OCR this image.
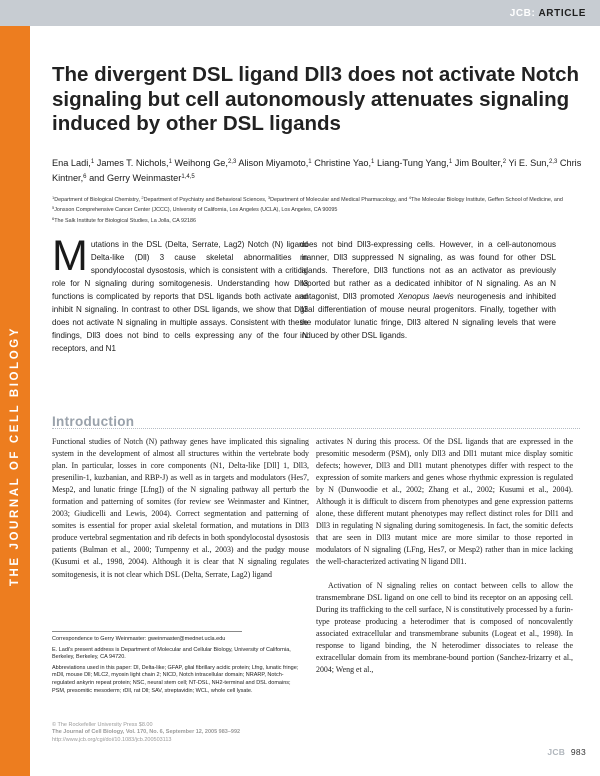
JCB: ARTICLE
THE JOURNAL OF CELL BIOLOGY
The divergent DSL ligand Dll3 does not activate Notch signaling but cell autonomously attenuates signaling induced by other DSL ligands
Ena Ladi,$^1$ James T. Nichols,$^1$ Weihong Ge,$^{2,3}$ Alison Miyamoto,$^1$ Christine Yao,$^1$ Liang-Tung Yang,$^1$ Jim Boulter,$^2$ Yi E. Sun,$^{2,3}$ Chris Kintner,$^6$ and Gerry Weinmaster$^{1,4,5}$

$^1$Department of Biological Chemistry, $^2$Department of Psychiatry and Behavioral Sciences, $^3$Department of Molecular and Medical Pharmacology, and $^4$The Molecular Biology Institute, Geffen School of Medicine, and $^5$Jonsson Comprehensive Cancer Center (JCCC), University of California, Los Angeles (UCLA), Los Angeles, CA 90095

$^6$The Salk Institute for Biological Studies, La Jolla, CA 92186

Mutations in the DSL (Delta, Serrate, Lag2) Notch (N) ligand Delta-like (Dll) 3 cause skeletal abnormalities in spondylocostal dysostosis, which is consistent with a critical role for N signaling during somitogenesis. Understanding how Dll3 functions is complicated by reports that DSL ligands both activate and inhibit N signaling. In contrast to other DSL ligands, we show that Dll3 does not activate N signaling in multiple assays. Consistent with these findings, Dll3 does not bind to cells expressing any of the four N receptors, and N1
does not bind Dll3-expressing cells. However, in a cell-autonomous manner, Dll3 suppressed N signaling, as was found for other DSL ligands. Therefore, Dll3 functions not as an activator as previously reported but rather as a dedicated inhibitor of N signaling. As an N antagonist, Dll3 promoted Xenopus laevis neurogenesis and inhibited glial differentiation of mouse neural progenitors. Finally, together with the modulator lunatic fringe, Dll3 altered N signaling levels that were induced by other DSL ligands.
Introduction

Functional studies of Notch (N) pathway genes have implicated this signaling system in the development of almost all structures within the vertebrate body plan. In particular, losses in core components (N1, Delta-like [Dll] 1, Dll3, presenilin-1, kuzbanian, and RBP-J) as well as in targets and modulators (Hes7, Mesp2, and lunatic fringe [Lfng]) of the N signaling pathway all perturb the formation and patterning of somites (for review see Weinmaster and Kintner, 2003; Giudicelli and Lewis, 2004). Correct segmentation and patterning of somites is essential for proper axial skeletal formation, and mutations in Dll3 produce vertebral segmentation and rib defects in both spondylocostal dysostosis patients (Bulman et al., 2000; Turnpenny et al., 2003) and the pudgy mouse (Kusumi et al., 1998, 2004). Although it is clear that N signaling regulates somitogenesis, it is not clear which DSL (Delta, Serrate, Lag2) ligand

activates N during this process. Of the DSL ligands that are expressed in the presomitic mesoderm (PSM), only Dll3 and Dll1 mutant mice display somitic defects; however, Dll3 and Dll1 mutant phenotypes differ with respect to the expression of somite markers and genes whose rhythmic expression is regulated by N (Dunwoodie et al., 2002; Zhang et al., 2002; Kusumi et al., 2004). Although it is difficult to discern from phenotypes and gene expression patterns alone, these different mutant phenotypes may reflect distinct roles for Dll1 and Dll3 in regulating N signaling during somitogenesis. In fact, the somitic defects that are seen in Dll3 mutant mice are more similar to those reported in modulators of N signaling (LFng, Hes7, or Mesp2) rather than in mice lacking the well-characterized activating N ligand Dll1.

Activation of N signaling relies on contact between cells to allow the transmembrane DSL ligand on one cell to bind its receptor on an apposing cell. During its trafficking to the cell surface, N is constitutively processed by a furin-type protease producing a heterodimer that is composed of noncovalently associated extracellular and transmembrane subunits (Logeat et al., 1998). In response to ligand binding, the N heterodimer dissociates to release the extracellular domain from its membrane-bound portion (Sanchez-Irizarry et al., 2004; Weng et al.,

Correspondence to Gerry Weinmaster: gweinmaster@mednet.ucla.edu

E. Ladi's present address is Department of Molecular and Cellular Biology, University of California, Berkeley, Berkeley, CA 94720.

Abbreviations used in this paper: Dl, Delta-like; GFAP, glial fibrillary acidic protein; Lfng, lunatic fringe; mDll, mouse Dll; MLC2, myosin light chain 2; NICD, Notch intracellular domain; NRARP, Notch-regulated ankyrin repeat protein; NSC, neural stem cell; NT-DSL, NH2-terminal and DSL domains; PSM, presomitic mesoderm; rDll, rat Dll; SAV, streptavidin; WCL, whole cell lysate.

© The Rockefeller University Press $8.00

The Journal of Cell Biology, Vol. 170, No. 6, September 12, 2005 983–992

http://www.jcb.org/cgi/doi/10.1083/jcb.200503113

JCB 983
